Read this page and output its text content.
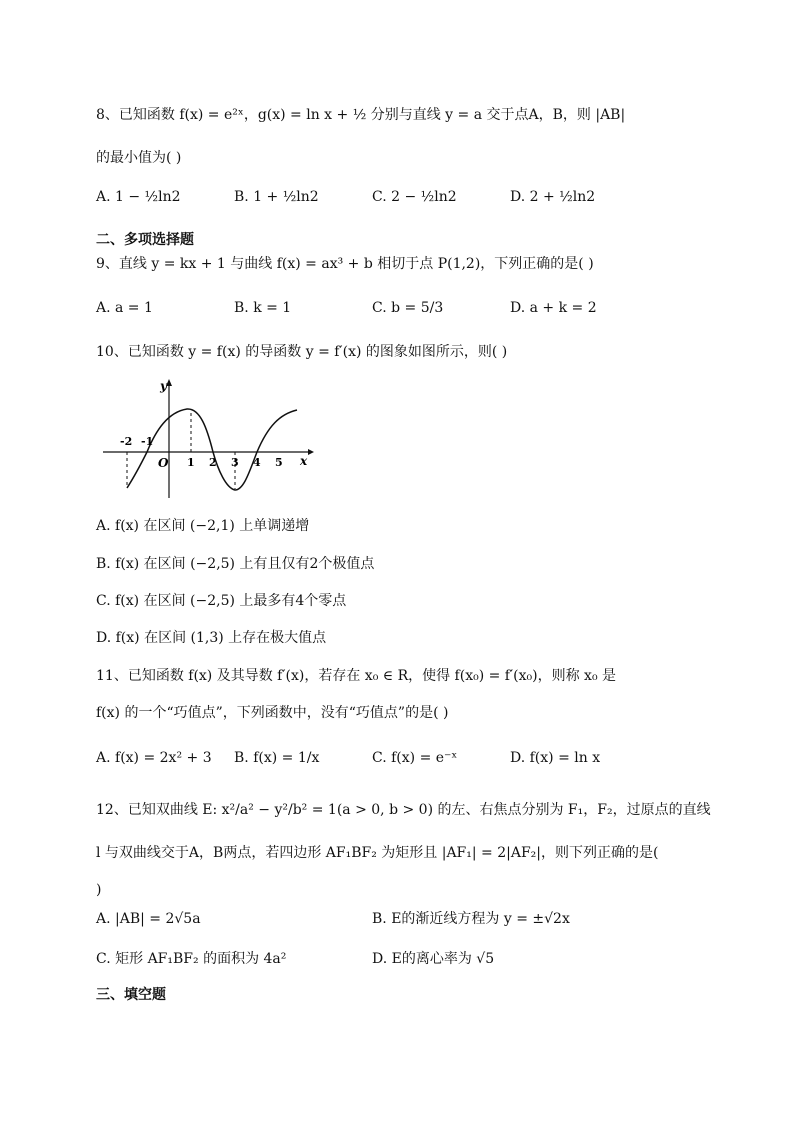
8、已知函数 f(x) = e²ˣ，g(x) = ln x + ½ 分别与直线 y = a 交于点A，B，则 |AB|
的最小值为( )
A. 1 − ½ln2	B. 1 + ½ln2	C. 2 − ½ln2	D. 2 + ½ln2
二、多项选择题
9、直线 y = kx + 1 与曲线 f(x) = ax³ + b 相切于点 P(1,2)，下列正确的是( )
A. a = 1	B. k = 1	C. b = 5/3	D. a + k = 2
10、已知函数 y = f(x) 的导函数 y = f′(x) 的图象如图所示，则( )
y
x
O
-2 -1
1 2 3 4 5
A. f(x) 在区间 (−2,1) 上单调递增
B. f(x) 在区间 (−2,5) 上有且仅有2个极值点
C. f(x) 在区间 (−2,5) 上最多有4个零点
D. f(x) 在区间 (1,3) 上存在极大值点
11、已知函数 f(x) 及其导数 f′(x)，若存在 x₀ ∈ R，使得 f(x₀) = f′(x₀)，则称 x₀ 是
f(x) 的一个“巧值点”，下列函数中，没有“巧值点”的是( )
A. f(x) = 2x² + 3 B. f(x) = 1/x	C. f(x) = e⁻ˣ	D. f(x) = ln x
12、已知双曲线 E: x²/a² − y²/b² = 1(a > 0, b > 0) 的左、右焦点分别为 F₁，F₂，过原点的直线
l 与双曲线交于A，B两点，若四边形 AF₁BF₂ 为矩形且 |AF₁| = 2|AF₂|，则下列正确的是(
)
A. |AB| = 2√5a	B. E的渐近线方程为 y = ±√2x
C. 矩形 AF₁BF₂ 的面积为 4a²	D. E的离心率为 √5
三、填空题
